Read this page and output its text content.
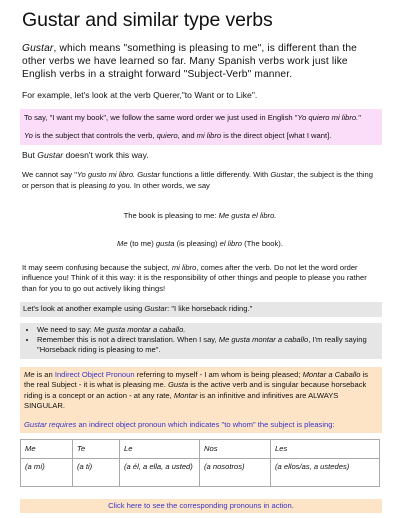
Gustar and similar type verbs

Gustar, which means "something is pleasing to me", is different than the other verbs we have learned so far. Many Spanish verbs work just like English verbs in a straight forward "Subject-Verb" manner.

For example, let's look at the verb Querer,"to Want or to Like".

To say, "I want my book", we follow the same word order we just used in English "Yo quiero mi libro."
Yo is the subject that controls the verb, quiero, and mi libro is the direct object [what I want].

But Gustar doesn't work this way.

We cannot say "Yo gusto mi libro. Gustar functions a little differently. With Gustar, the subject is the thing or person that is pleasing to you. In other words, we say

The book is pleasing to me: Me gusta el libro.

Me (to me) gusta (is pleasing) el libro (The book).

It may seem confusing because the subject, mi libro, comes after the verb. Do not let the word order influence you! Think of it this way: it is the responsibility of other things and people to please you rather than for you to go out actively liking things!

Let's look at another example using Gustar: "I like horseback riding."

• We need to say: Me gusta montar a caballo.
• Remember this is not a direct translation. When I say, Me gusta montar a caballo, I'm really saying "Horseback riding is pleasing to me".
Me is an Indirect Object Pronoun referring to myself - I am whom is being pleased; Montar a Caballo is the real Subject - it is what is pleasing me. Gusta is the active verb and is singular because horseback riding is a concept or an action - at any rate, Montar is an infinitive and infinitives are ALWAYS SINGULAR.
Gustar requires an indirect object pronoun which indicates "to whom" the subject is pleasing:
Me	Te	Le	Nos	Les
(a mí)	(a ti)	(a él, a ella, a usted)	(a nosotros)	(a ellos/as, a ustedes)
Click here to see the corresponding pronouns in action.
